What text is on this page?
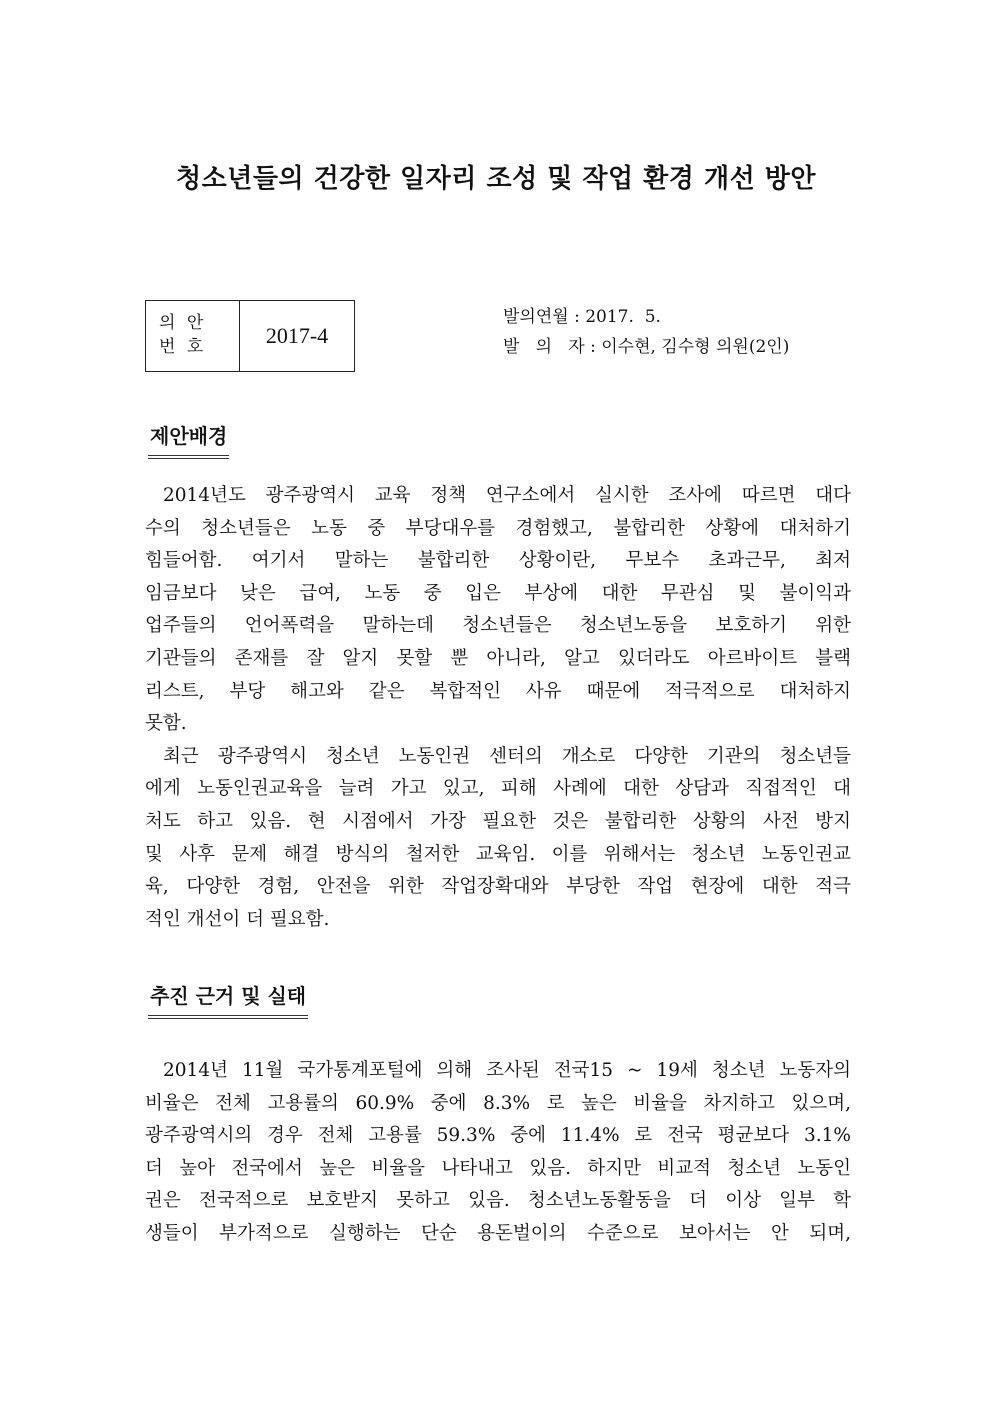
청소년들의 건강한 일자리 조성 및 작업 환경 개선 방안
의 안
번 호	2017-4
발의연월 : 2017.  5.
발   의   자 : 이수현, 김수형 의원(2인)
제안배경
2014년도 광주광역시 교육 정책 연구소에서 실시한 조사에 따르면 대다
수의 청소년들은 노동 중 부당대우를 경험했고, 불합리한 상황에 대처하기
힘들어함. 여기서 말하는 불합리한 상황이란, 무보수 초과근무, 최저
임금보다 낮은 급여, 노동 중 입은 부상에 대한 무관심 및 불이익과
업주들의 언어폭력을 말하는데 청소년들은 청소년노동을 보호하기 위한
기관들의 존재를 잘 알지 못할 뿐 아니라, 알고 있더라도 아르바이트 블랙
리스트, 부당 해고와 같은 복합적인 사유 때문에 적극적으로 대처하지
못함.
최근 광주광역시 청소년 노동인권 센터의 개소로 다양한 기관의 청소년들
에게 노동인권교육을 늘려 가고 있고, 피해 사례에 대한 상담과 직접적인 대
처도 하고 있음. 현 시점에서 가장 필요한 것은 불합리한 상황의 사전 방지
및 사후 문제 해결 방식의 철저한 교육임. 이를 위해서는 청소년 노동인권교
육, 다양한 경험, 안전을 위한 작업장확대와 부당한 작업 현장에 대한 적극
적인 개선이 더 필요함.
추진 근거 및 실태
2014년 11월 국가통계포털에 의해 조사된 전국15 ~ 19세 청소년 노동자의
비율은 전체 고용률의 60.9% 중에 8.3% 로 높은 비율을 차지하고 있으며,
광주광역시의 경우 전체 고용률 59.3% 중에 11.4% 로 전국 평균보다 3.1%
더 높아 전국에서 높은 비율을 나타내고 있음. 하지만 비교적 청소년 노동인
권은 전국적으로 보호받지 못하고 있음. 청소년노동활동을 더 이상 일부 학
생들이 부가적으로 실행하는 단순 용돈벌이의 수준으로 보아서는 안 되며,
